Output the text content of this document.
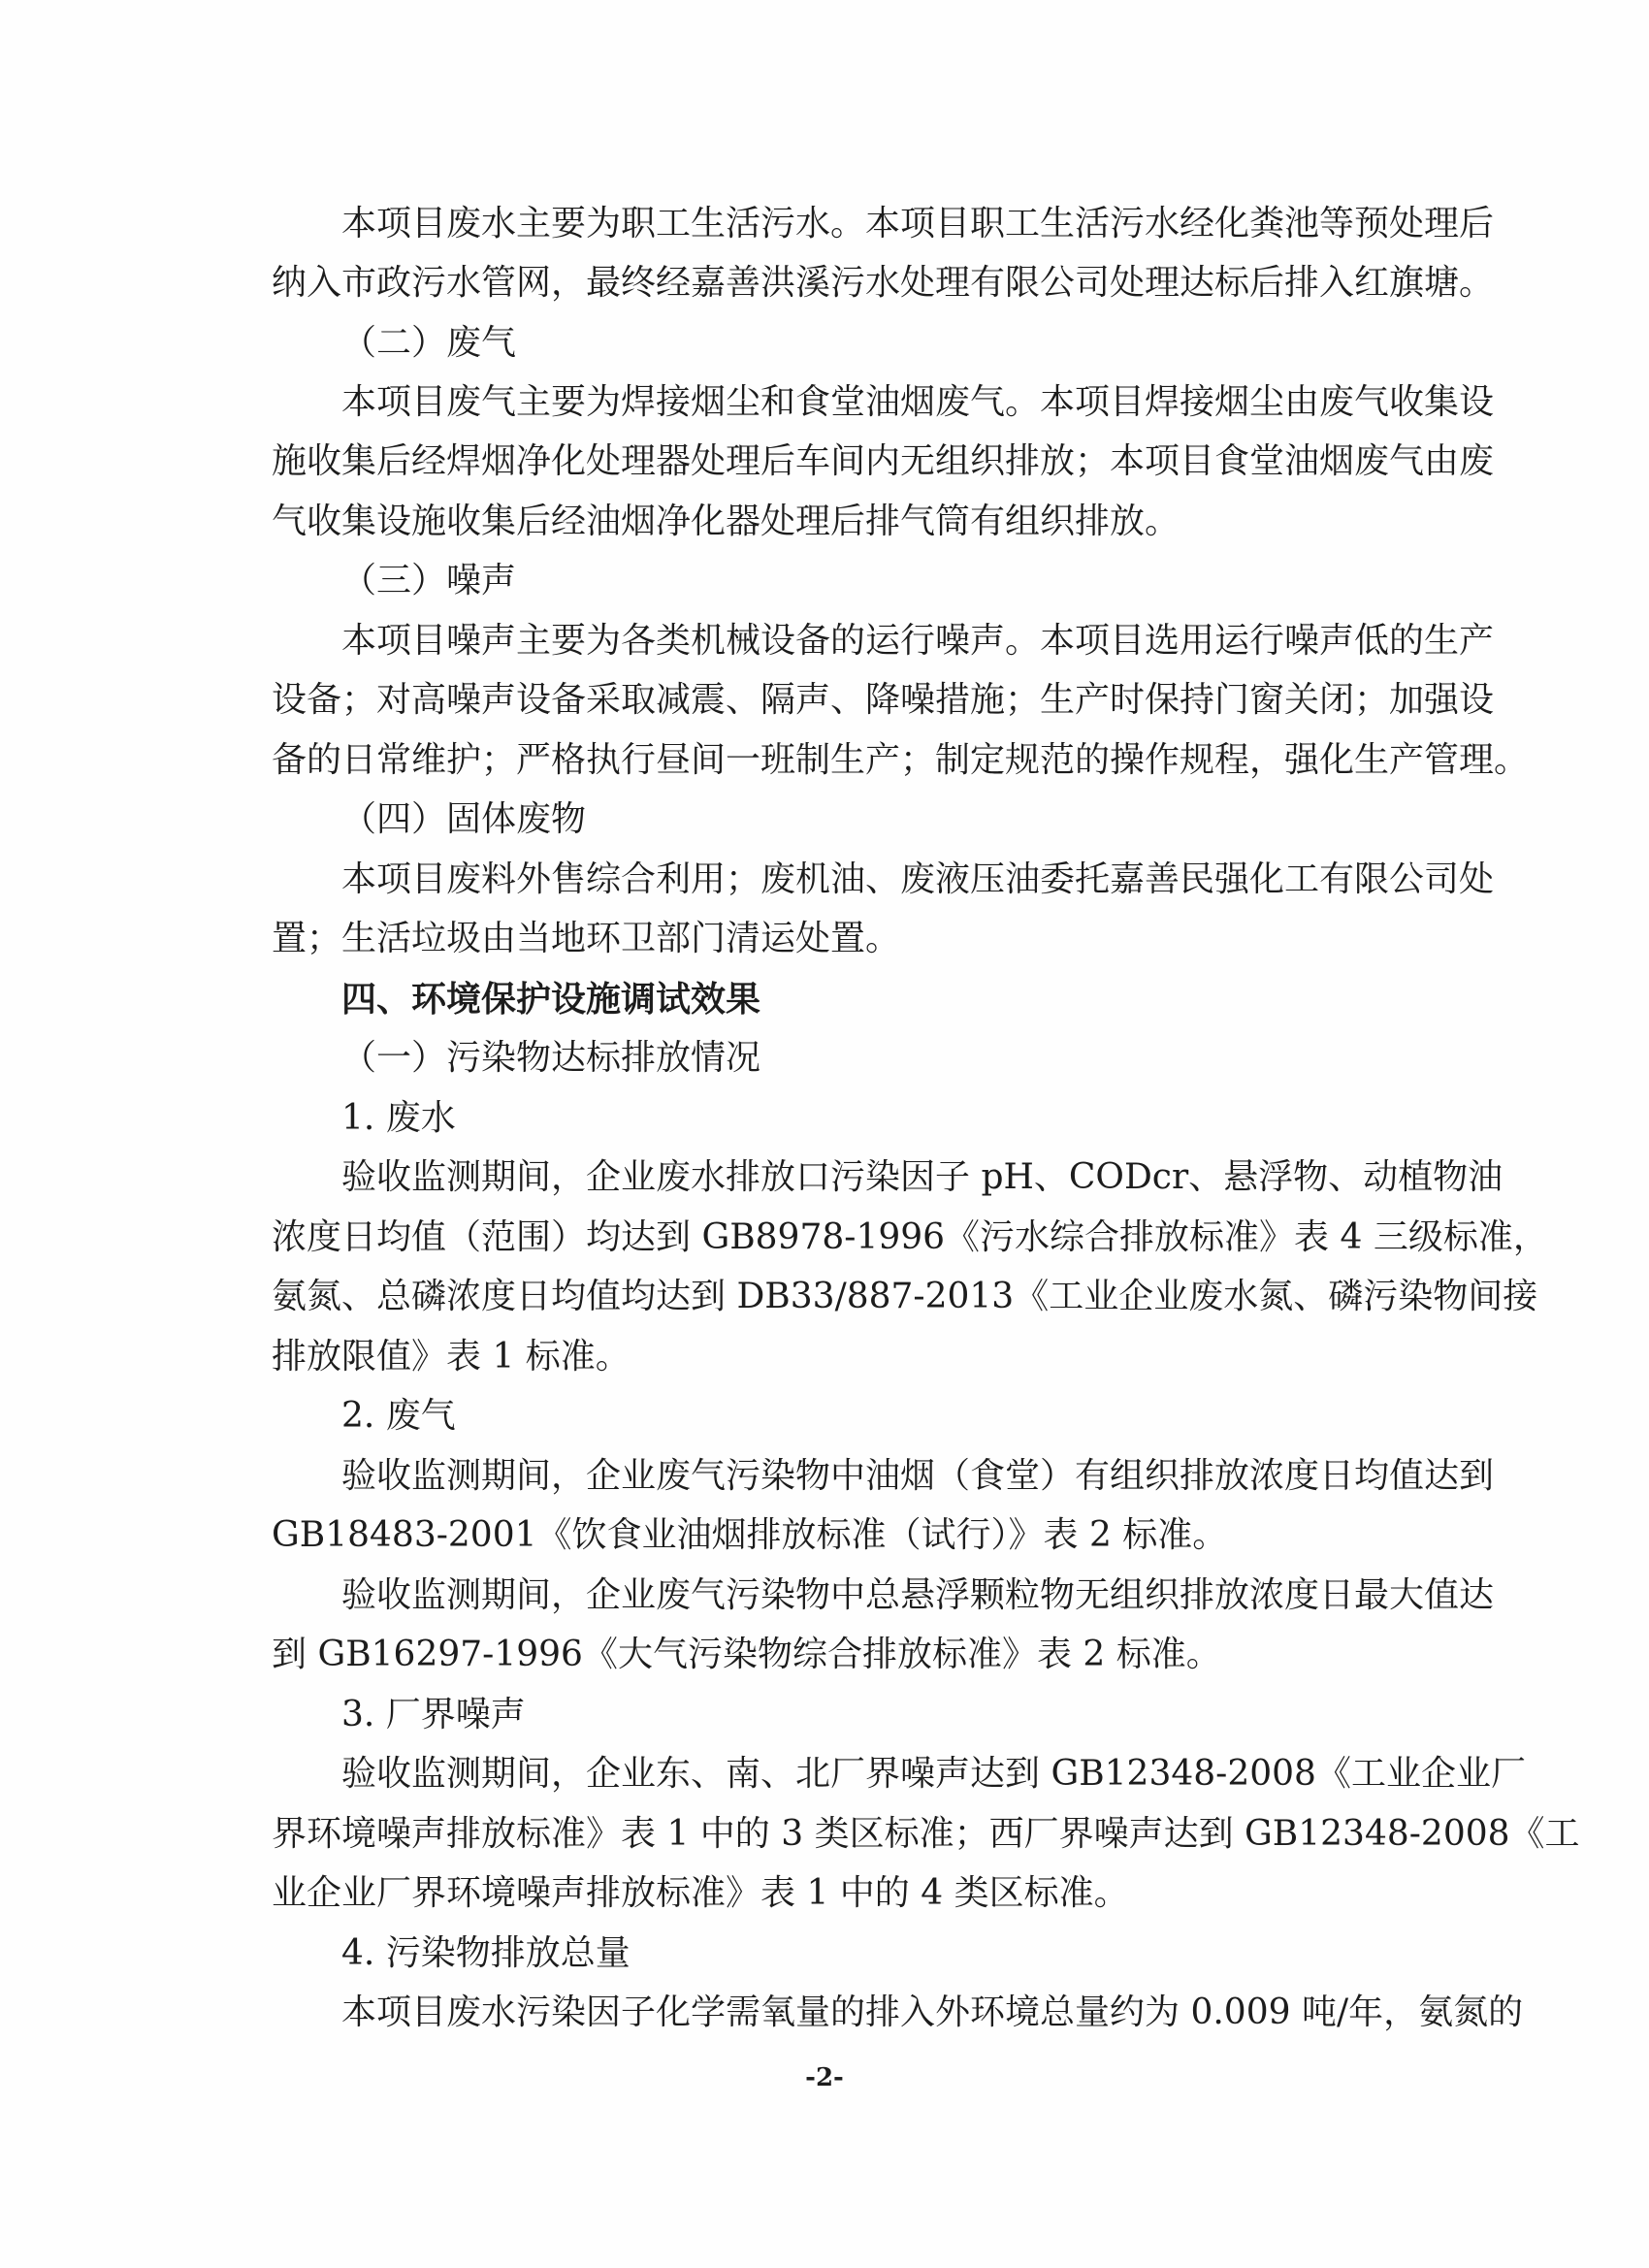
本项目废水主要为职工生活污水。本项目职工生活污水经化粪池等预处理后
纳入市政污水管网，最终经嘉善洪溪污水处理有限公司处理达标后排入红旗塘。
（二）废气
本项目废气主要为焊接烟尘和食堂油烟废气。本项目焊接烟尘由废气收集设
施收集后经焊烟净化处理器处理后车间内无组织排放；本项目食堂油烟废气由废
气收集设施收集后经油烟净化器处理后排气筒有组织排放。
（三）噪声
本项目噪声主要为各类机械设备的运行噪声。本项目选用运行噪声低的生产
设备；对高噪声设备采取减震、隔声、降噪措施；生产时保持门窗关闭；加强设
备的日常维护；严格执行昼间一班制生产；制定规范的操作规程，强化生产管理。
（四）固体废物
本项目废料外售综合利用；废机油、废液压油委托嘉善民强化工有限公司处
置；生活垃圾由当地环卫部门清运处置。
四、环境保护设施调试效果
（一）污染物达标排放情况
1. 废水
验收监测期间，企业废水排放口污染因子 pH、CODcr、悬浮物、动植物油
浓度日均值（范围）均达到 GB8978-1996《污水综合排放标准》表 4 三级标准，
氨氮、总磷浓度日均值均达到 DB33/887-2013《工业企业废水氮、磷污染物间接
排放限值》表 1 标准。
2. 废气
验收监测期间，企业废气污染物中油烟（食堂）有组织排放浓度日均值达到
GB18483-2001《饮食业油烟排放标准（试行）》表 2 标准。
验收监测期间，企业废气污染物中总悬浮颗粒物无组织排放浓度日最大值达
到 GB16297-1996《大气污染物综合排放标准》表 2 标准。
3. 厂界噪声
验收监测期间，企业东、南、北厂界噪声达到 GB12348-2008《工业企业厂
界环境噪声排放标准》表 1 中的 3 类区标准；西厂界噪声达到 GB12348-2008《工
业企业厂界环境噪声排放标准》表 1 中的 4 类区标准。
4. 污染物排放总量
本项目废水污染因子化学需氧量的排入外环境总量约为 0.009 吨/年，氨氮的
-2-
